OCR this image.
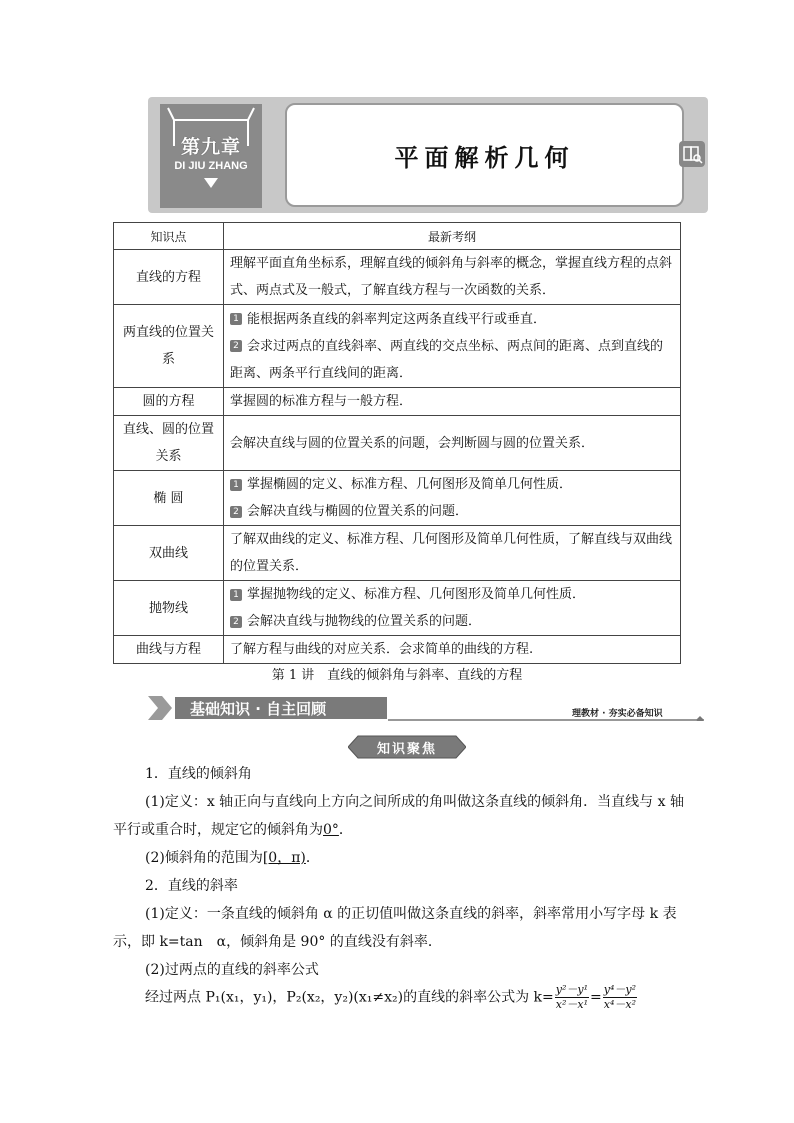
第九章
DI JIU ZHANG	平面解析几何
知识点	最新考纲
直线的方程	理解平面直角坐标系，理解直线的倾斜角与斜率的概念，掌握直线方程的点斜式、两点式及一般式，了解直线方程与一次函数的关系．
两直线的位置关系	1 能根据两条直线的斜率判定这两条直线平行或垂直．
2 会求过两点的直线斜率、两直线的交点坐标、两点间的距离、点到直线的距离、两条平行直线间的距离．

圆的方程	掌握圆的标准方程与一般方程．
直线、圆的位置关系	会解决直线与圆的位置关系的问题，会判断圆与圆的位置关系．
椭 圆	1 掌握椭圆的定义、标准方程、几何图形及简单几何性质．
2 会解决直线与椭圆的位置关系的问题．

双曲线	了解双曲线的定义、标准方程、几何图形及简单几何性质，了解直线与双曲线的位置关系．
抛物线	1 掌握抛物线的定义、标准方程、几何图形及简单几何性质．
2 会解决直线与抛物线的位置关系的问题．

曲线与方程	了解方程与曲线的对应关系．会求简单的曲线的方程.
第 1 讲　直线的倾斜角与斜率、直线的方程
基础知识 · 自主回顾	理教材 · 夯实必备知识
知识聚焦
1．直线的倾斜角
(1)定义：x 轴正向与直线向上方向之间所成的角叫做这条直线的倾斜角．当直线与 x 轴
平行或重合时，规定它的倾斜角为0°．
(2)倾斜角的范围为[0，π)．
2．直线的斜率
(1)定义：一条直线的倾斜角 α 的正切值叫做这条直线的斜率，斜率常用小写字母 k 表
示，即 k=tan　α，倾斜角是 90° 的直线没有斜率．
(2)过两点的直线的斜率公式
经过两点 P₁(x₁，y₁)，P₂(x₂，y₂)(x₁≠x₂)的直线的斜率公式为 $k= \frac{\text{y²－y¹}}{\text{x²－x¹}} = \frac{\text{y⁴－y²}}{\text{x⁴－x²}}$
